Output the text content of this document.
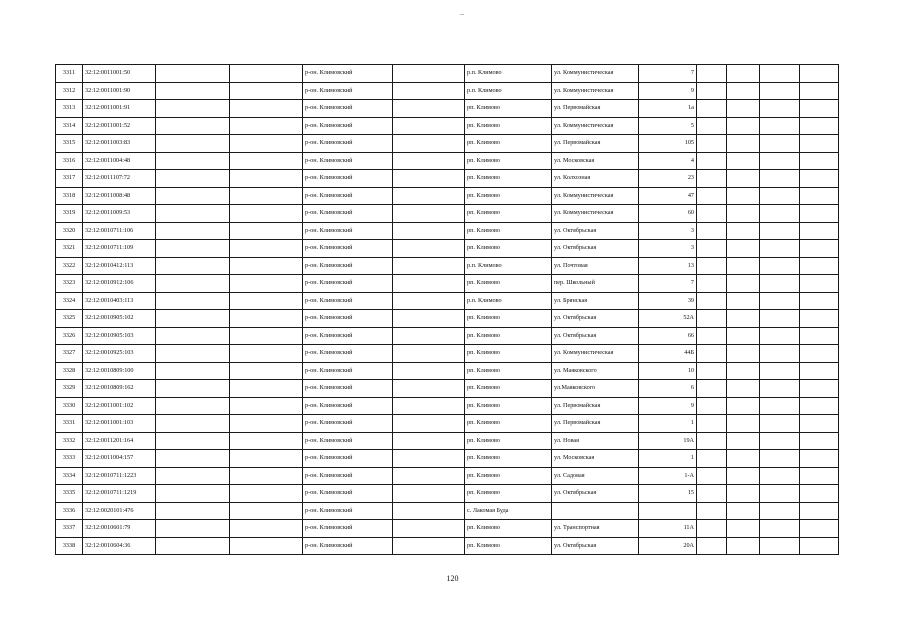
3311	32:12:0011001:50			р-он. Климовский		р.п. Климово	ул. Коммунистическая	7				
3312	32:12:0011001:90			р-он. Климовский		р.п. Климово	ул. Коммунистическая	9				
3313	32:12:0011001:91			р-он. Климовский		рп. Климово	ул. Первомайская	1а				
3314	32:12:0011001:52			р-он. Климовский		рп. Климово	ул. Коммунистическая	5				
3315	32:12:0011003:83			р-он. Климовский		рп. Климово	ул. Первомайская	105				
3316	32:12:0011004:48			р-он. Климовский		рп. Климово	ул. Московская	4				
3317	32:12:0011107:72			р-он. Климовский		рп. Климово	ул. Колхозная	23				
3318	32:12:0011008:48			р-он. Климовский		рп. Климово	ул. Коммунистическая	47				
3319	32:12:0011009:53			р-он. Климовский		рп. Климово	ул. Коммунистическая	60				
3320	32:12:0010711:106			р-он. Климовский		рп. Климово	ул. Октябрьская	3				
3321	32:12:0010711:109			р-он. Климовский		рп. Климово	ул. Октябрьская	3				
3322	32:12:0010412:113			р-он. Климовский		р.п. Климово	ул. Почтовая	13				
3323	32:12:0010912:106			р-он. Климовский		рп. Климово	пер. Школьный	7				
3324	32:12:0010403:113			р-он. Климовский		р.п. Климово	ул. Брянская	39				
3325	32:12:0010905:102			р-он. Климовский		рп. Климово	ул. Октябрьская	52А				
3326	32:12:0010905:103			р-он. Климовский		рп. Климово	ул. Октябрьская	66				
3327	32:12:0010925:103			р-он. Климовский		рп. Климово	ул. Коммунистическая	44Б				
3328	32:12:0010809:100			р-он. Климовский		рп. Климово	ул. Маяковского	10				
3329	32:12:0010809:162			р-он. Климовский		рп. Климово	ул.Маяковского	6				
3330	32:12:0011001:102			р-он. Климовский		рп. Климово	ул. Первомайская	9				
3331	32:12:0011001:103			р-он. Климовский		рп. Климово	ул. Первомайская	1				
3332	32:12:0011201:164			р-он. Климовский		рп. Климово	ул. Новая	19А				
3333	32:12:0011004:157			р-он. Климовский		рп. Климово	ул. Московская	1				
3334	32:12:0010711:1223			р-он. Климовский		рп. Климово	ул. Садовая	1-А				
3335	32:12:0010711:1219			р-он. Климовский		рп. Климово	ул. Октябрьская	15				
3336	32:12:0020101:476			р-он. Климовский		с. Лакомая Буда						
3337	32:12:0010601:79			р-он. Климовский		рп. Климово	ул. Транспортная	11А				
3338	32:12:0010604:36			р-он. Климовский		рп. Климово	ул. Октябрьская	20А				
120
